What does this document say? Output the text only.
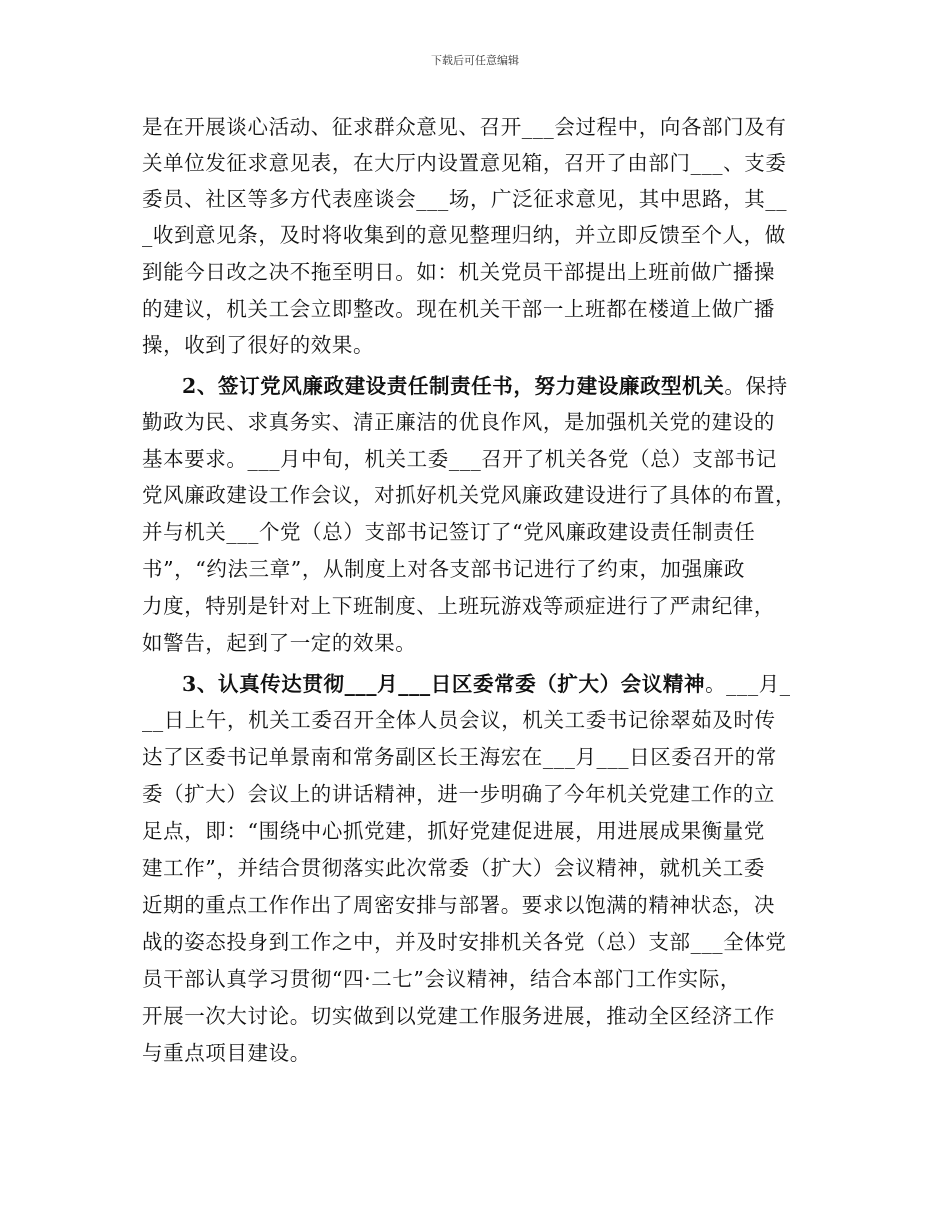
下载后可任意编辑
是在开展谈心活动、征求群众意见、召开___会过程中，向各部门及有
关单位发征求意见表，在大厅内设置意见箱，召开了由部门___、支委
委员、社区等多方代表座谈会___场，广泛征求意见，其中思路，其__
_收到意见条，及时将收集到的意见整理归纳，并立即反馈至个人，做
到能今日改之决不拖至明日。如：机关党员干部提出上班前做广播操
的建议，机关工会立即整改。现在机关干部一上班都在楼道上做广播
操，收到了很好的效果。
2、签订党风廉政建设责任制责任书，努力建设廉政型机关。保持
勤政为民、求真务实、清正廉洁的优良作风，是加强机关党的建设的
基本要求。___月中旬，机关工委___召开了机关各党（总）支部书记
党风廉政建设工作会议，对抓好机关党风廉政建设进行了具体的布置，
并与机关___个党（总）支部书记签订了“党风廉政建设责任制责任
书”，“约法三章”，从制度上对各支部书记进行了约束，加强廉政
力度，特别是针对上下班制度、上班玩游戏等顽症进行了严肃纪律，
如警告，起到了一定的效果。
3、认真传达贯彻___月___日区委常委（扩大）会议精神。___月_
__日上午，机关工委召开全体人员会议，机关工委书记徐翠茹及时传
达了区委书记单景南和常务副区长王海宏在___月___日区委召开的常
委（扩大）会议上的讲话精神，进一步明确了今年机关党建工作的立
足点，即：“围绕中心抓党建，抓好党建促进展，用进展成果衡量党
建工作”，并结合贯彻落实此次常委（扩大）会议精神，就机关工委
近期的重点工作作出了周密安排与部署。要求以饱满的精神状态，决
战的姿态投身到工作之中，并及时安排机关各党（总）支部___全体党
员干部认真学习贯彻“四·二七”会议精神，结合本部门工作实际，
开展一次大讨论。切实做到以党建工作服务进展，推动全区经济工作
与重点项目建设。
